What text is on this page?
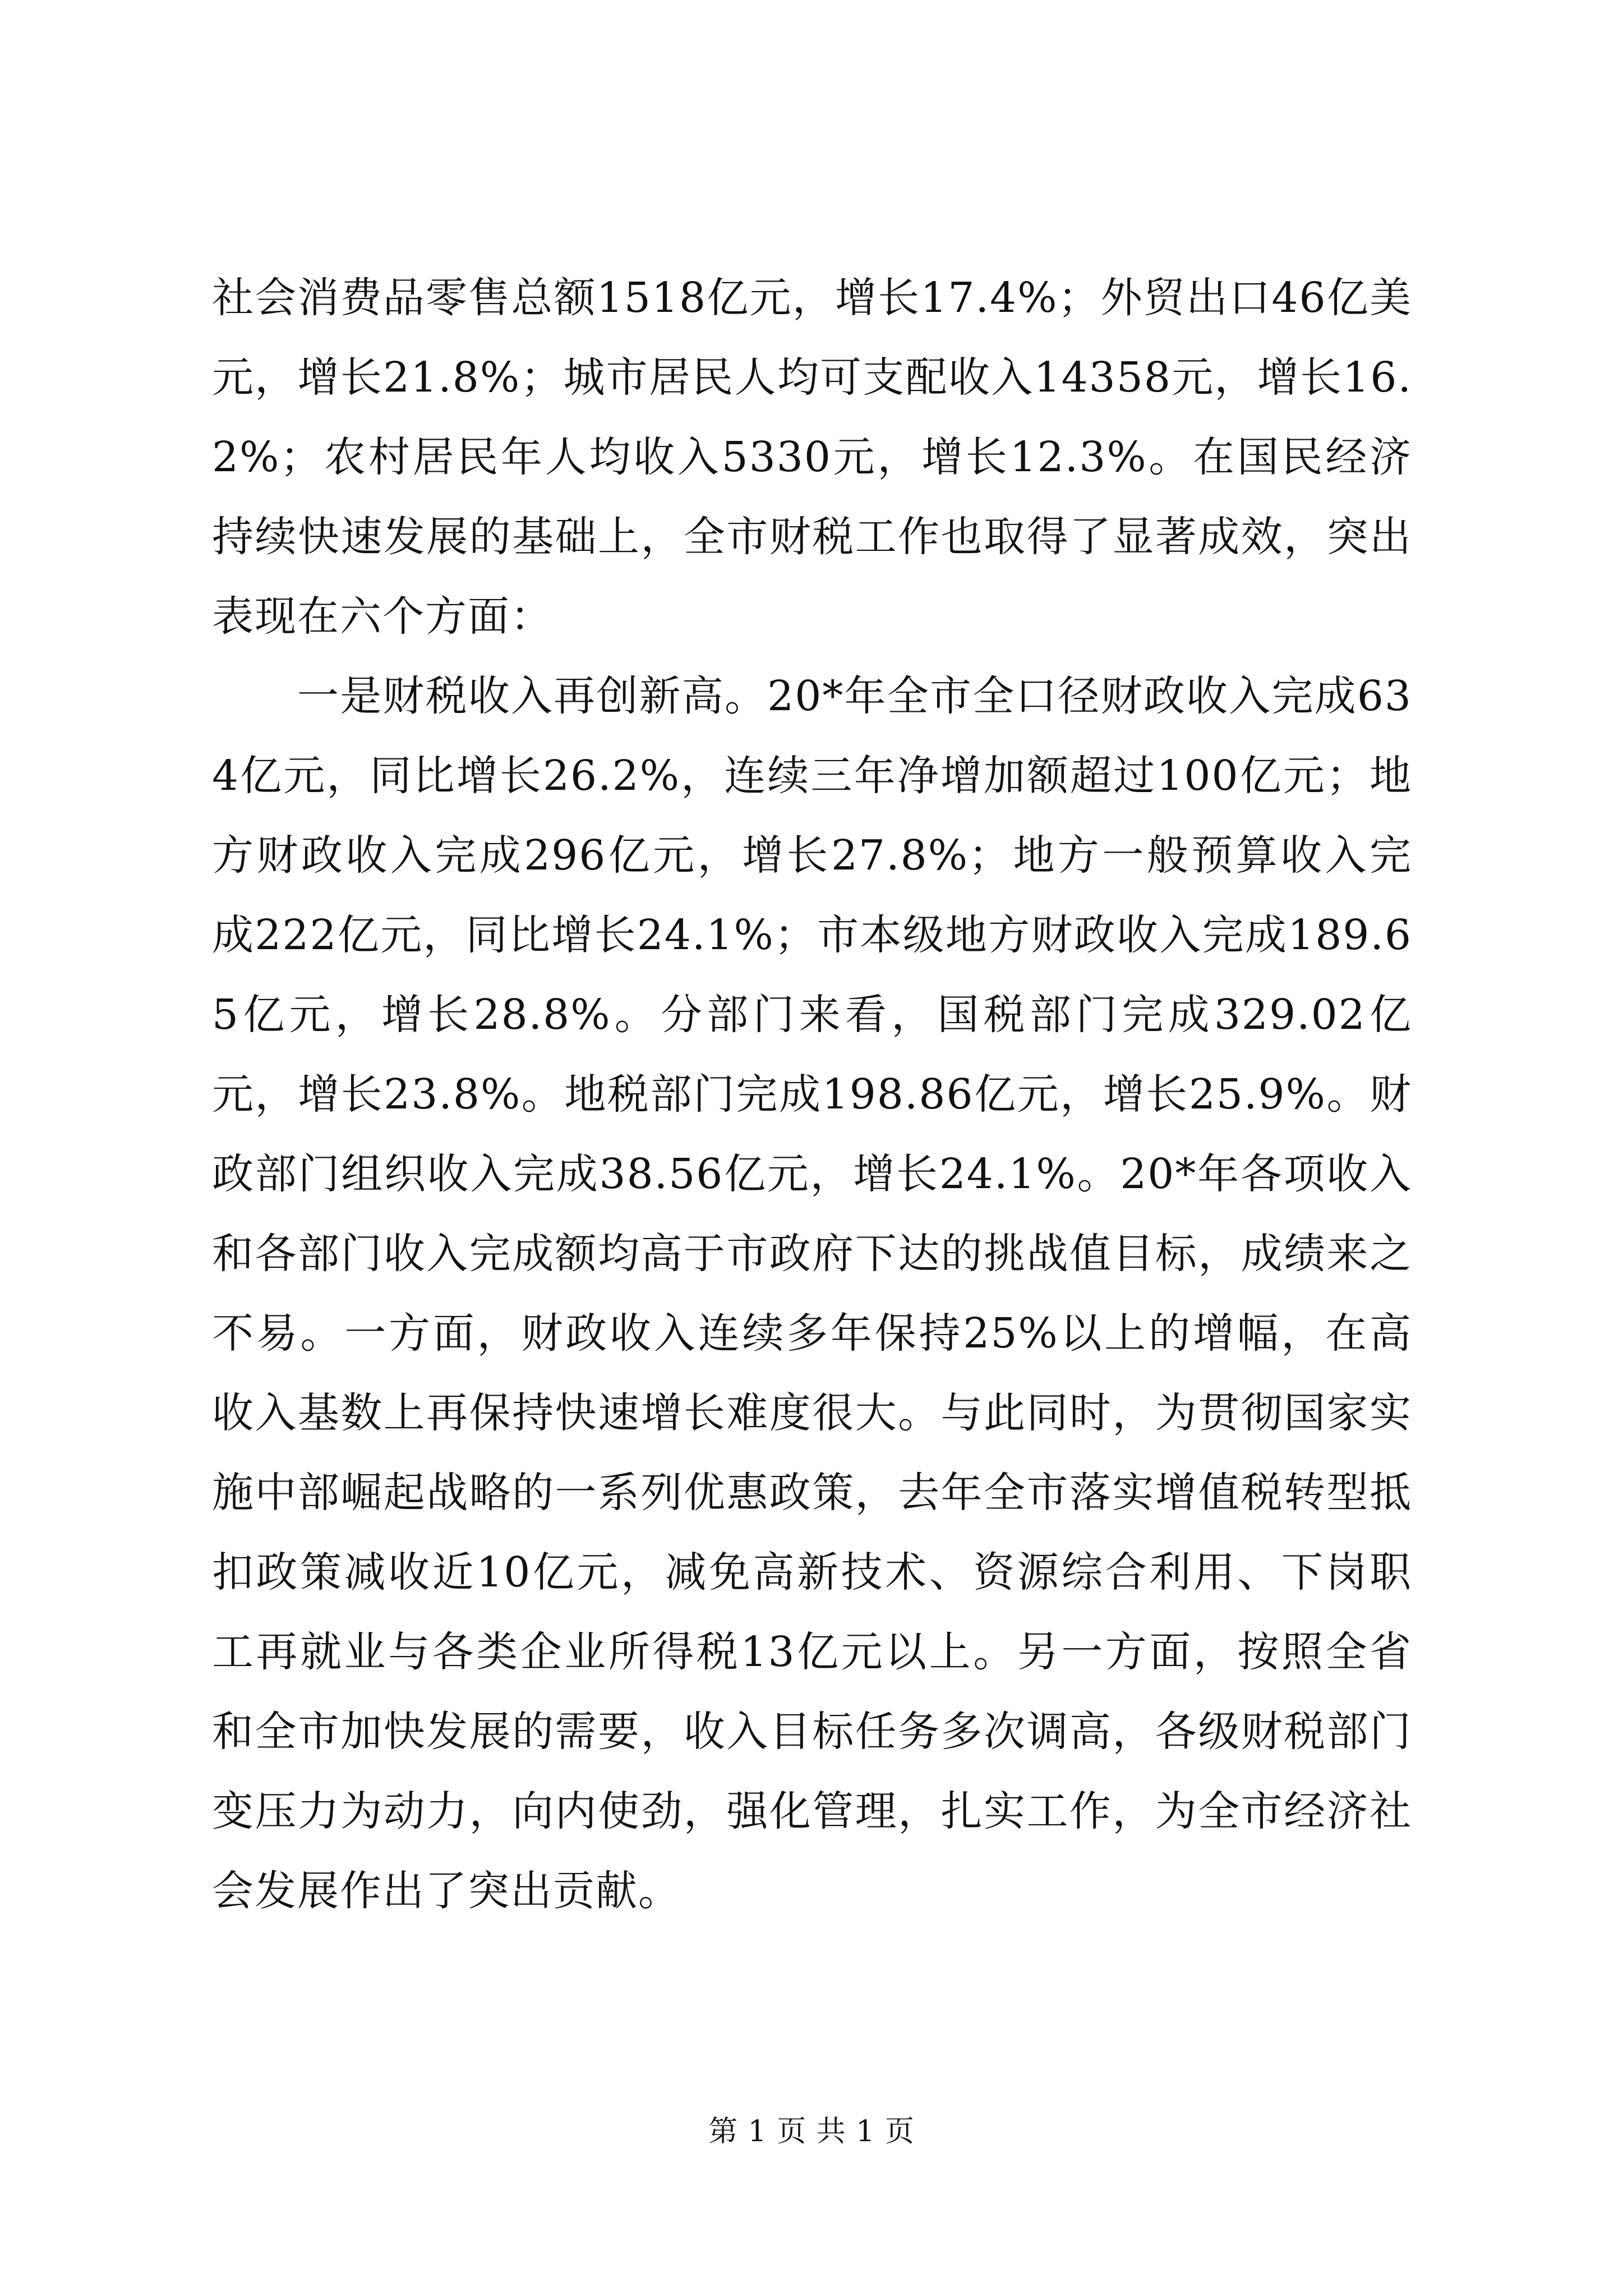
社会消费品零售总额1518亿元，增长17.4%；外贸出口46亿美元，增长21.8%；城市居民人均可支配收入14358元，增长16.2%；农村居民年人均收入5330元，增长12.3%。在国民经济持续快速发展的基础上，全市财税工作也取得了显著成效，突出表现在六个方面：

一是财税收入再创新高。20*年全市全口径财政收入完成634亿元，同比增长26.2%，连续三年净增加额超过100亿元；地方财政收入完成296亿元，增长27.8%；地方一般预算收入完成222亿元，同比增长24.1%；市本级地方财政收入完成189.65亿元，增长28.8%。分部门来看，国税部门完成329.02亿元，增长23.8%。地税部门完成198.86亿元，增长25.9%。财政部门组织收入完成38.56亿元，增长24.1%。20*年各项收入和各部门收入完成额均高于市政府下达的挑战值目标，成绩来之不易。一方面，财政收入连续多年保持25%以上的增幅，在高收入基数上再保持快速增长难度很大。与此同时，为贯彻国家实施中部崛起战略的一系列优惠政策，去年全市落实增值税转型抵扣政策减收近10亿元，减免高新技术、资源综合利用、下岗职工再就业与各类企业所得税13亿元以上。另一方面，按照全省和全市加快发展的需要，收入目标任务多次调高，各级财税部门变压力为动力，向内使劲，强化管理，扎实工作，为全市经济社会发展作出了突出贡献。

第 1 页 共 1 页
